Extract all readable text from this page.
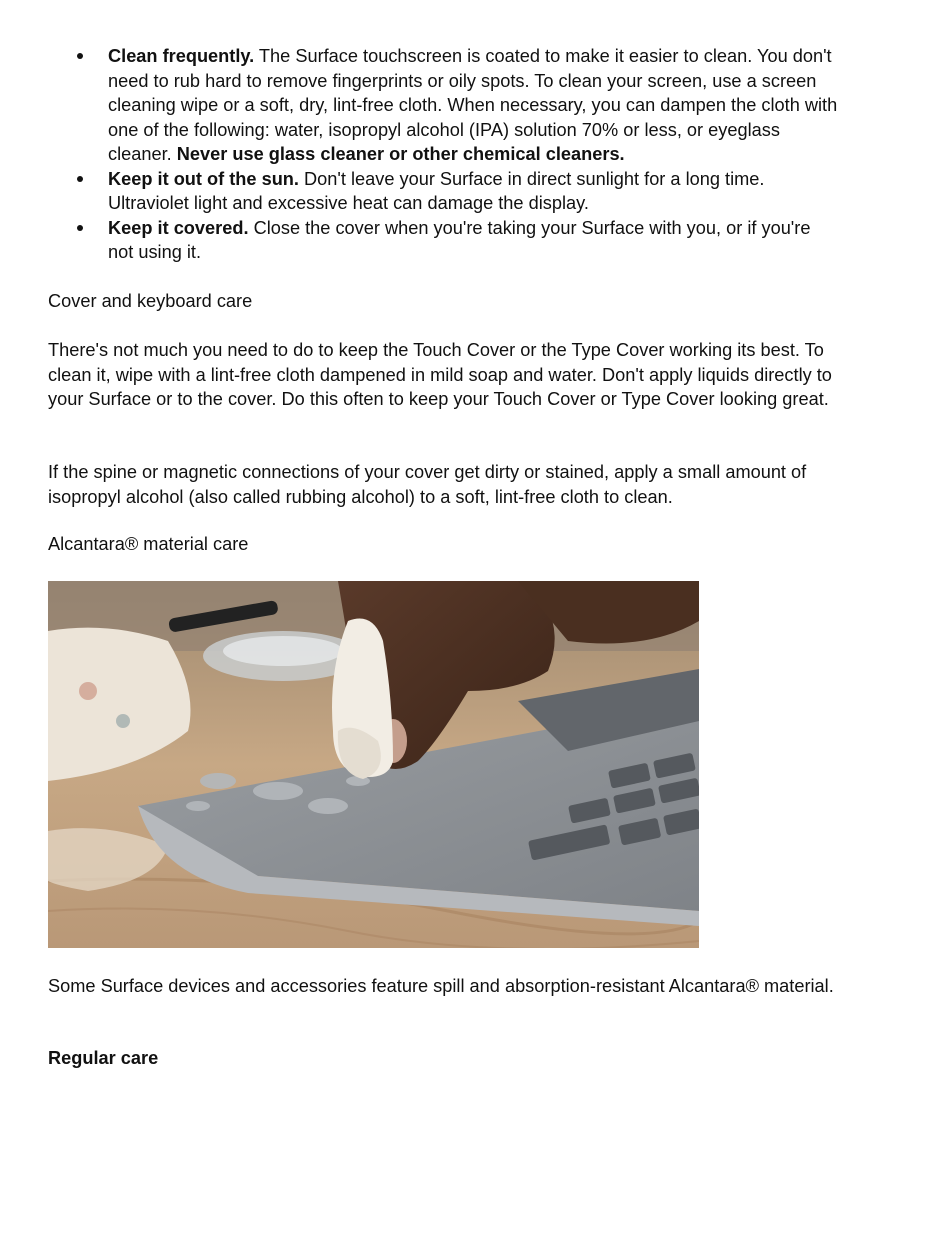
Clean frequently. The Surface touchscreen is coated to make it easier to clean. You don't need to rub hard to remove fingerprints or oily spots. To clean your screen, use a screen cleaning wipe or a soft, dry, lint-free cloth. When necessary, you can dampen the cloth with one of the following: water, isopropyl alcohol (IPA) solution 70% or less, or eyeglass cleaner. Never use glass cleaner or other chemical cleaners.
Keep it out of the sun. Don't leave your Surface in direct sunlight for a long time. Ultraviolet light and excessive heat can damage the display.
Keep it covered. Close the cover when you're taking your Surface with you, or if you're not using it.

Cover and keyboard care

There's not much you need to do to keep the Touch Cover or the Type Cover working its best. To clean it, wipe with a lint-free cloth dampened in mild soap and water. Don't apply liquids directly to your Surface or to the cover. Do this often to keep your Touch Cover or Type Cover looking great.

If the spine or magnetic connections of your cover get dirty or stained, apply a small amount of isopropyl alcohol (also called rubbing alcohol) to a soft, lint-free cloth to clean.

Alcantara® material care

Some Surface devices and accessories feature spill and absorption-resistant Alcantara® material.

Regular care
